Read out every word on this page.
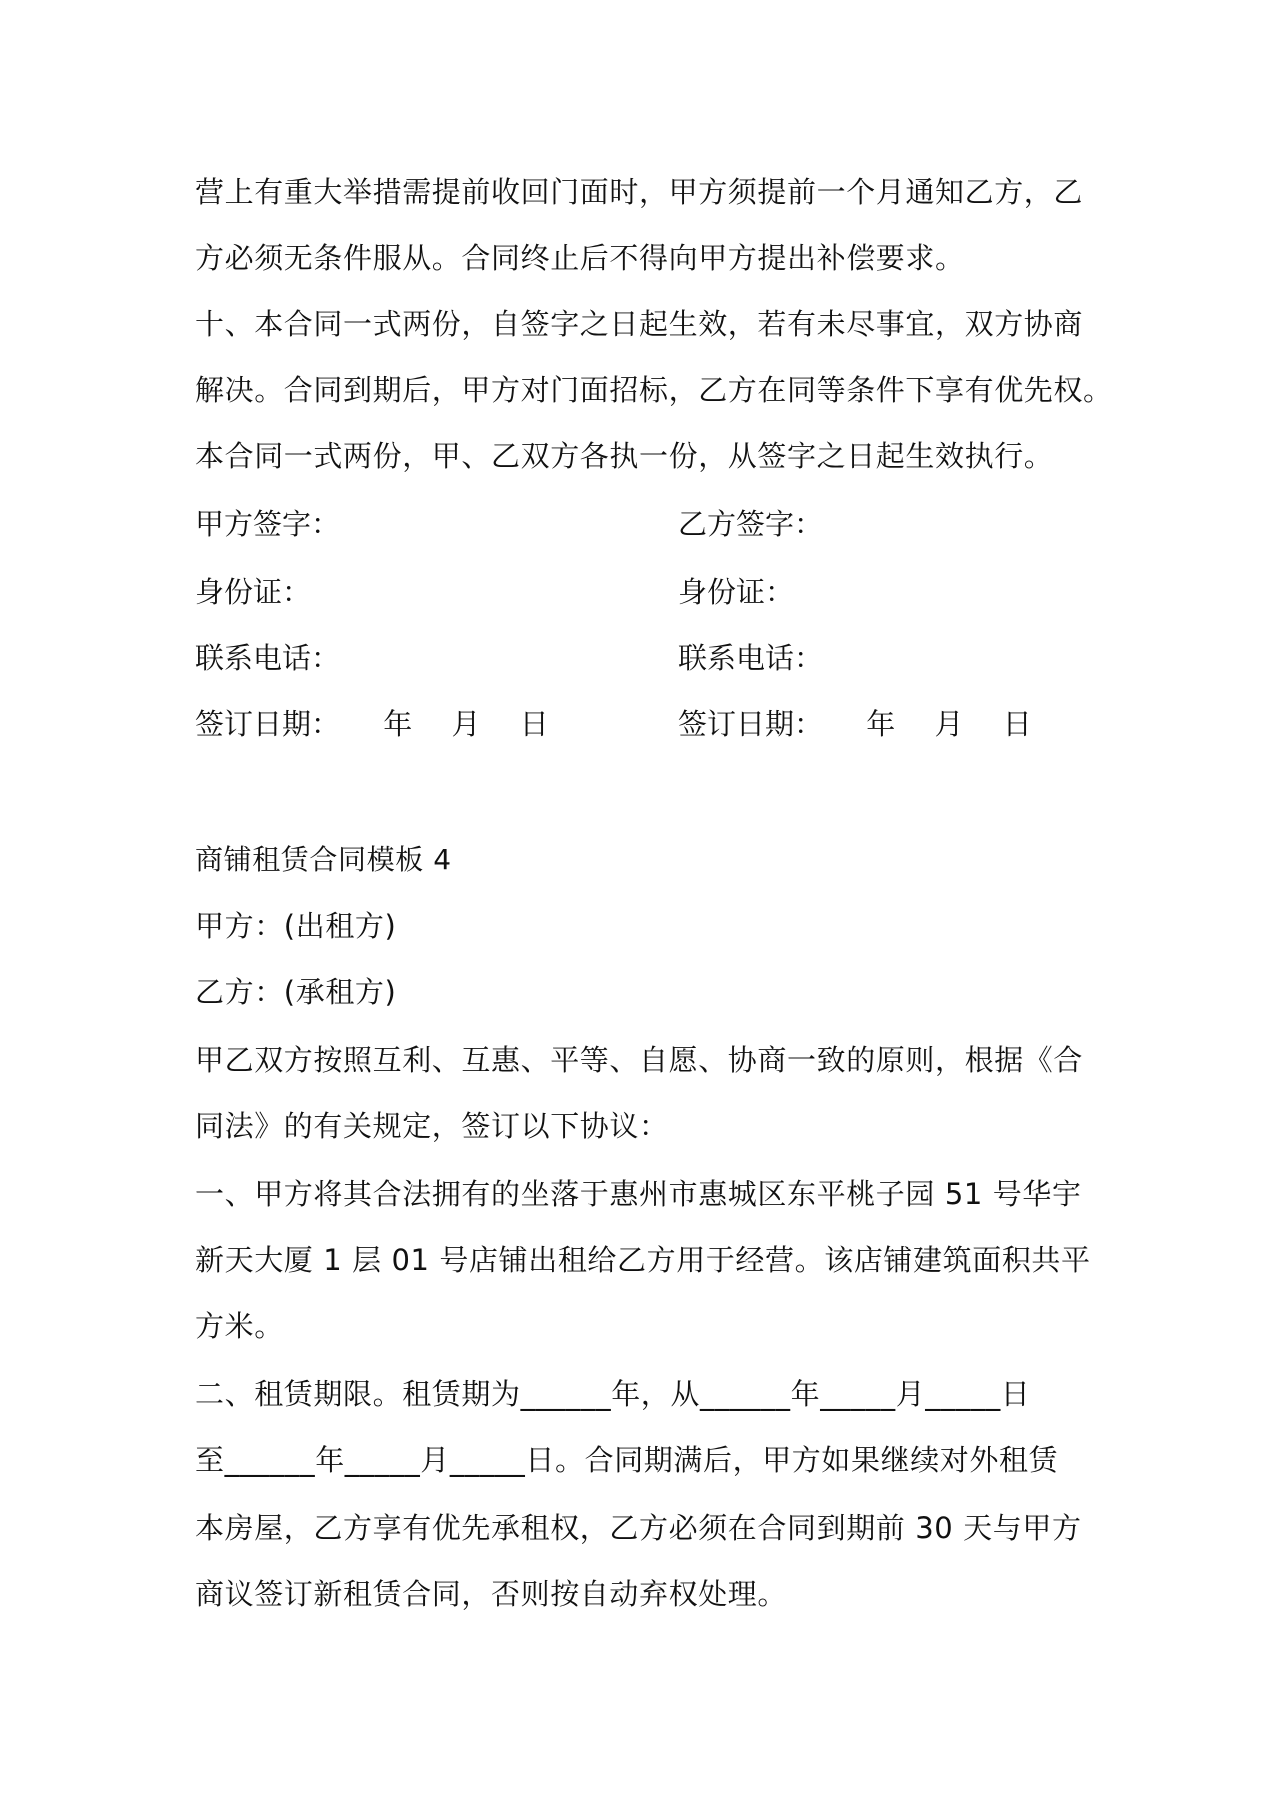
营上有重大举措需提前收回门面时，甲方须提前一个月通知乙方，乙
方必须无条件服从。合同终止后不得向甲方提出补偿要求。
十、本合同一式两份，自签字之日起生效，若有未尽事宜，双方协商
解决。合同到期后，甲方对门面招标，乙方在同等条件下享有优先权。
本合同一式两份，甲、乙双方各执一份，从签字之日起生效执行。
甲方签字：	乙方签字：
身份证：	身份证：
联系电话：	联系电话：
签订日期： 年 月 日	签订日期： 年 月 日
商铺租赁合同模板 4
甲方：(出租方)
乙方：(承租方)
甲乙双方按照互利、互惠、平等、自愿、协商一致的原则，根据《合
同法》的有关规定，签订以下协议：
一、甲方将其合法拥有的坐落于惠州市惠城区东平桃子园 51 号华宇
新天大厦 1 层 01 号店铺出租给乙方用于经营。该店铺建筑面积共平
方米。
二、租赁期限。租赁期为______年，从______年_____月_____日
至______年_____月_____日。合同期满后，甲方如果继续对外租赁
本房屋，乙方享有优先承租权，乙方必须在合同到期前 30 天与甲方
商议签订新租赁合同，否则按自动弃权处理。
